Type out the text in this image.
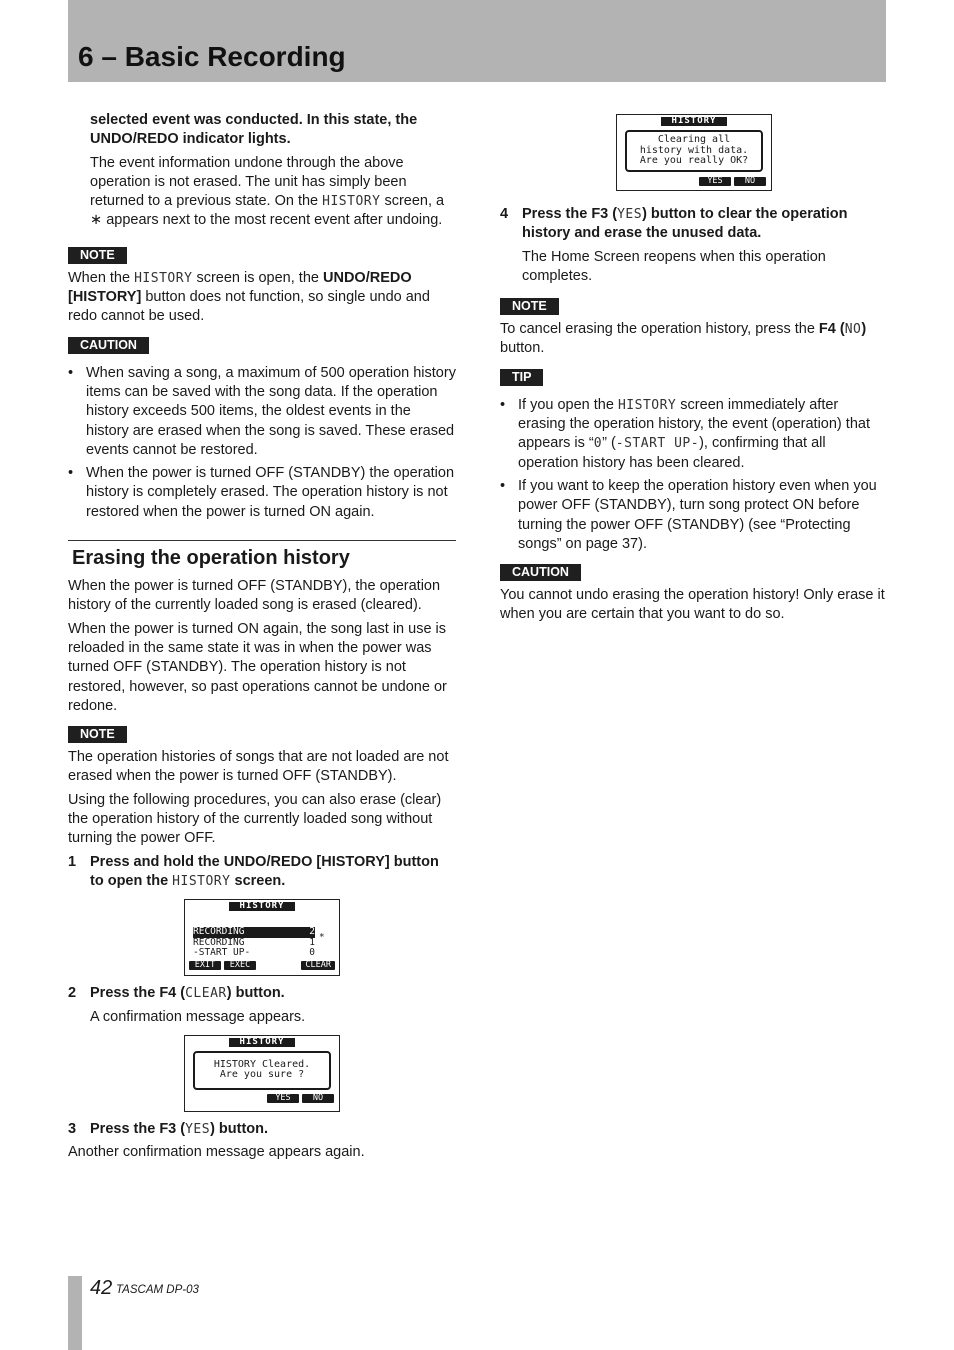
6 – Basic Recording

selected event was conducted. In this state, the UNDO/REDO indicator lights.

The event information undone through the above operation is not erased. The unit has simply been returned to a previous state. On the HISTORY screen, a ∗ appears next to the most recent event after undoing.

NOTE

When the HISTORY screen is open, the UNDO/REDO [HISTORY] button does not function, so single undo and redo cannot be used.

CAUTION
• When saving a song, a maximum of 500 operation history items can be saved with the song data. If the operation history exceeds 500 items, the oldest events in the history are erased when the song is saved. These erased events cannot be restored.
• When the power is turned OFF (STANDBY) the operation history is completely erased. The operation history is not restored when the power is turned ON again.
Erasing the operation history

When the power is turned OFF (STANDBY), the operation history of the currently loaded song is erased (cleared).

When the power is turned ON again, the song last in use is reloaded in the same state it was in when the power was turned OFF (STANDBY). The operation history is not restored, however, so past operations cannot be undone or redone.

NOTE

The operation histories of songs that are not loaded are not erased when the power is turned OFF (STANDBY).

Using the following procedures, you can also erase (clear) the operation history of the currently loaded song without turning the power OFF.

1 Press and hold the UNDO/REDO [HISTORY] button to open the HISTORY screen.
HISTORY
RECORDING	2 ∗
RECORDING	1
-START UP-	0
EXIT	EXEC	CLEAR
2 Press the F4 (CLEAR) button.

A confirmation message appears.

HISTORY
HISTORY Cleared.
Are you sure ?
YES	NO
3 Press the F3 (YES) button.

Another confirmation message appears again.

HISTORY
Clearing all
history with data.
Are you really OK?
YES	NO
4 Press the F3 (YES) button to clear the operation history and erase the unused data.

The Home Screen reopens when this operation completes.

NOTE

To cancel erasing the operation history, press the F4 (NO) button.

TIP
• If you open the HISTORY screen immediately after erasing the operation history, the event (operation) that appears is “0” (-START UP-), confirming that all operation history has been cleared.
• If you want to keep the operation history even when you power OFF (STANDBY), turn song protect ON before turning the power OFF (STANDBY) (see “Protecting songs” on page 37).
CAUTION

You cannot undo erasing the operation history! Only erase it when you are certain that you want to do so.

42 TASCAM DP-03
